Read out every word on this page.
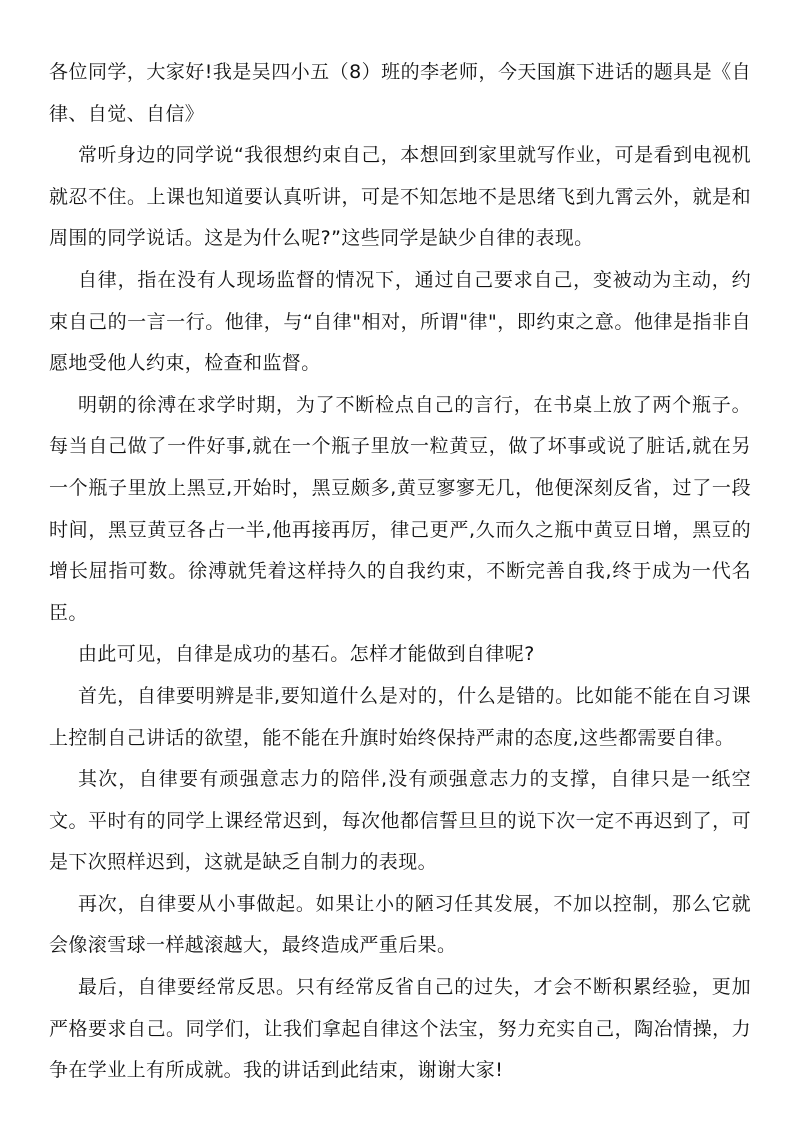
各位同学，大家好!我是吴四小五（8）班的李老师，今天国旗下进话的题具是《自律、自觉、自信》

常听身边的同学说“我很想约束自己，本想回到家里就写作业，可是看到电视机就忍不住。上课也知道要认真听讲，可是不知怎地不是思绪飞到九霄云外，就是和周围的同学说话。这是为什么呢?”这些同学是缺少自律的表现。

自律，指在没有人现场监督的情况下，通过自己要求自己，变被动为主动，约束自己的一言一行。他律，与“自律"相对，所谓"律"，即约束之意。他律是指非自愿地受他人约束，检查和监督。

明朝的徐溥在求学时期，为了不断检点自己的言行，在书桌上放了两个瓶子。每当自己做了一件好事,就在一个瓶子里放一粒黄豆，做了坏事或说了脏话,就在另一个瓶子里放上黑豆,开始时，黑豆颇多,黄豆寥寥无几，他便深刻反省，过了一段时间，黑豆黄豆各占一半,他再接再厉，律己更严,久而久之瓶中黄豆日增，黑豆的增长屈指可数。徐溥就凭着这样持久的自我约束，不断完善自我,终于成为一代名臣。

由此可见，自律是成功的基石。怎样才能做到自律呢?

首先，自律要明辨是非,要知道什么是对的，什么是错的。比如能不能在自习课上控制自己讲话的欲望，能不能在升旗时始终保持严肃的态度,这些都需要自律。

其次，自律要有顽强意志力的陪伴,没有顽强意志力的支撑，自律只是一纸空文。平时有的同学上课经常迟到，每次他都信誓旦旦的说下次一定不再迟到了，可是下次照样迟到，这就是缺乏自制力的表现。

再次，自律要从小事做起。如果让小的陋习任其发展，不加以控制，那么它就会像滚雪球一样越滚越大，最终造成严重后果。

最后，自律要经常反思。只有经常反省自己的过失，才会不断积累经验，更加严格要求自己。同学们，让我们拿起自律这个法宝，努力充实自己，陶冶情操，力争在学业上有所成就。我的讲话到此结束，谢谢大家!
